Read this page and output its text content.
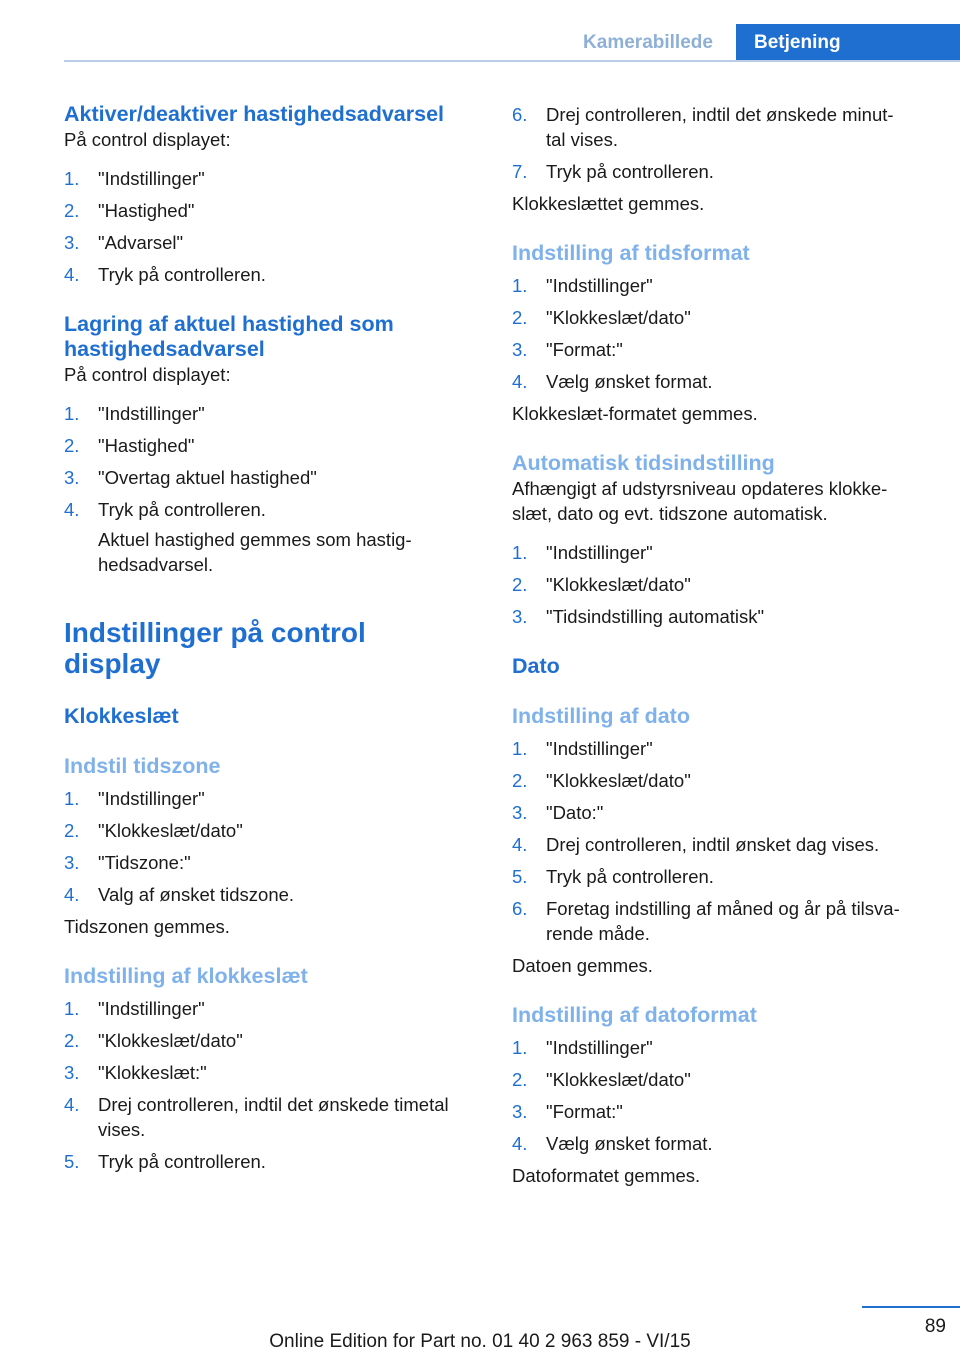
Kamerabillede	Betjening
Aktiver/deaktiver hastighedsadvarsel

På control displayet:

1. "Indstillinger"
2. "Hastighed"
3. "Advarsel"
4. Tryk på controlleren.
Lagring af aktuel hastighed som
hastighedsadvarsel

På control displayet:

1. "Indstillinger"
2. "Hastighed"
3. "Overtag aktuel hastighed"
4. Tryk på controlleren.

Aktuel hastighed gemmes som hastig-
hedsadvarsel.

Indstillinger på control
display
Klokkeslæt
Indstil tidszone
1. "Indstillinger"
2. "Klokkeslæt/dato"
3. "Tidszone:"
4. Valg af ønsket tidszone.

Tidszonen gemmes.

Indstilling af klokkeslæt
1. "Indstillinger"
2. "Klokkeslæt/dato"
3. "Klokkeslæt:"
4. Drej controlleren, indtil det ønskede timetal
vises.
5. Tryk på controlleren.
6. Drej controlleren, indtil det ønskede minut-
tal vises.
7. Tryk på controlleren.

Klokkeslættet gemmes.

Indstilling af tidsformat
1. "Indstillinger"
2. "Klokkeslæt/dato"
3. "Format:"
4. Vælg ønsket format.

Klokkeslæt-formatet gemmes.

Automatisk tidsindstilling

Afhængigt af udstyrsniveau opdateres klokke-
slæt, dato og evt. tidszone automatisk.

1. "Indstillinger"
2. "Klokkeslæt/dato"
3. "Tidsindstilling automatisk"
Dato
Indstilling af dato
1. "Indstillinger"
2. "Klokkeslæt/dato"
3. "Dato:"
4. Drej controlleren, indtil ønsket dag vises.
5. Tryk på controlleren.
6. Foretag indstilling af måned og år på tilsva-
rende måde.

Datoen gemmes.

Indstilling af datoformat
1. "Indstillinger"
2. "Klokkeslæt/dato"
3. "Format:"
4. Vælg ønsket format.

Datoformatet gemmes.

89
Online Edition for Part no. 01 40 2 963 859 - VI/15
